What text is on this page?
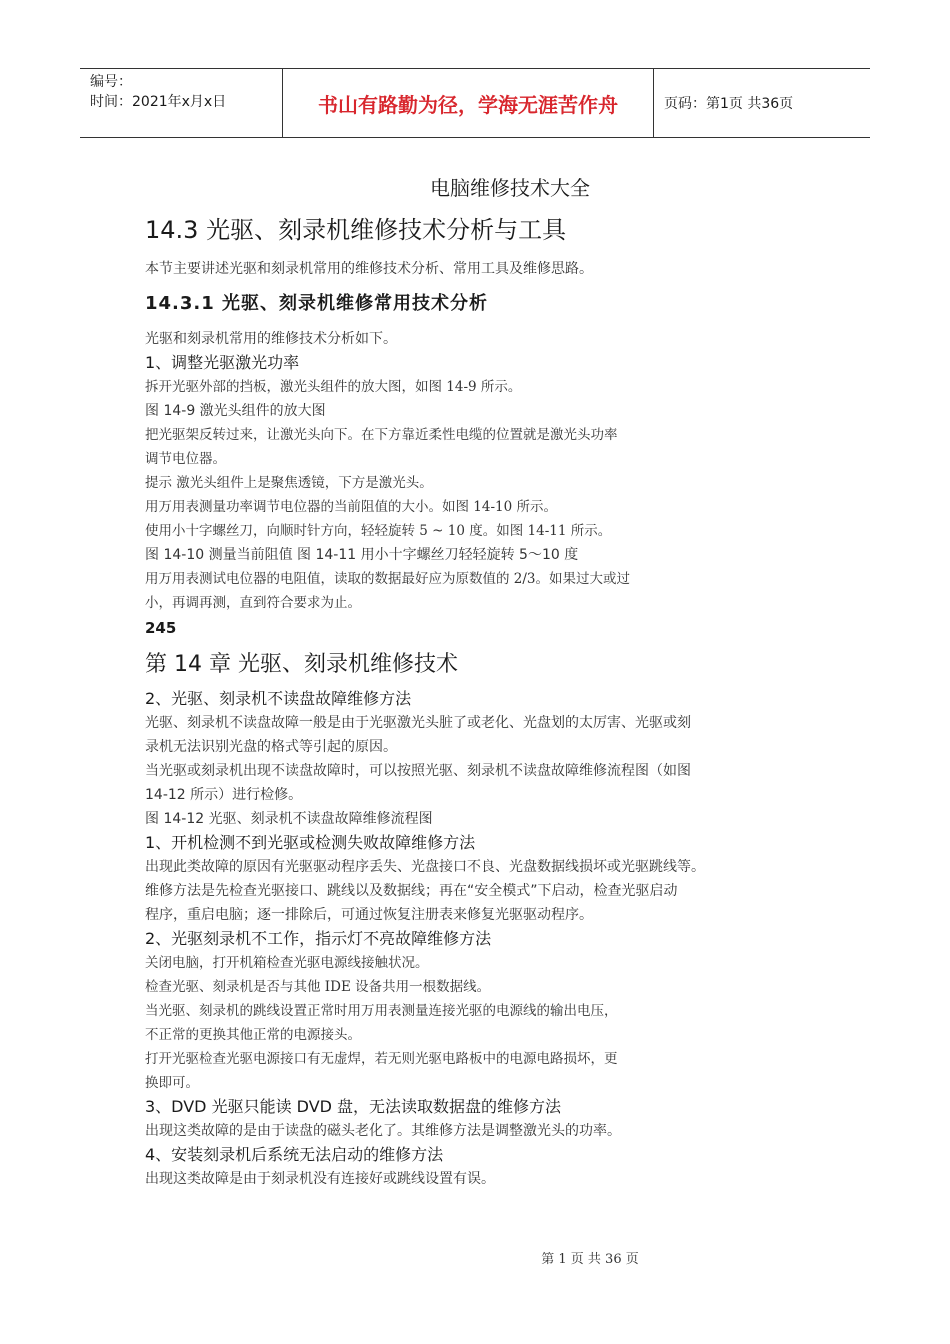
编号：
时间：2021年x月x日	书山有路勤为径，学海无涯苦作舟	页码：第1页 共36页
电脑维修技术大全
14.3 光驱、刻录机维修技术分析与工具

本节主要讲述光驱和刻录机常用的维修技术分析、常用工具及维修思路。

14.3.1 光驱、刻录机维修常用技术分析

光驱和刻录机常用的维修技术分析如下。

1、调整光驱激光功率

拆开光驱外部的挡板，激光头组件的放大图，如图 14-9 所示。

图 14-9 激光头组件的放大图

把光驱架反转过来，让激光头向下。在下方靠近柔性电缆的位置就是激光头功率

调节电位器。

提示 激光头组件上是聚焦透镜，下方是激光头。

用万用表测量功率调节电位器的当前阻值的大小。如图 14-10 所示。

使用小十字螺丝刀，向顺时针方向，轻轻旋转 5 ~ 10 度。如图 14-11 所示。

图 14-10 测量当前阻值 图 14-11 用小十字螺丝刀轻轻旋转 5～10 度

用万用表测试电位器的电阻值，读取的数据最好应为原数值的 2/3。如果过大或过

小，再调再测，直到符合要求为止。

245

第 14 章 光驱、刻录机维修技术

2、光驱、刻录机不读盘故障维修方法

光驱、刻录机不读盘故障一般是由于光驱激光头脏了或老化、光盘划的太厉害、光驱或刻

录机无法识别光盘的格式等引起的原因。

当光驱或刻录机出现不读盘故障时，可以按照光驱、刻录机不读盘故障维修流程图（如图

14-12 所示）进行检修。

图 14-12 光驱、刻录机不读盘故障维修流程图

1、开机检测不到光驱或检测失败故障维修方法

出现此类故障的原因有光驱驱动程序丢失、光盘接口不良、光盘数据线损坏或光驱跳线等。

维修方法是先检查光驱接口、跳线以及数据线；再在“安全模式”下启动，检查光驱启动

程序，重启电脑；逐一排除后，可通过恢复注册表来修复光驱驱动程序。

2、光驱刻录机不工作，指示灯不亮故障维修方法

关闭电脑，打开机箱检查光驱电源线接触状况。

检查光驱、刻录机是否与其他 IDE 设备共用一根数据线。

当光驱、刻录机的跳线设置正常时用万用表测量连接光驱的电源线的输出电压，

不正常的更换其他正常的电源接头。

打开光驱检查光驱电源接口有无虚焊，若无则光驱电路板中的电源电路损坏，更

换即可。

3、DVD 光驱只能读 DVD 盘，无法读取数据盘的维修方法

出现这类故障的是由于读盘的磁头老化了。其维修方法是调整激光头的功率。

4、安装刻录机后系统无法启动的维修方法

出现这类故障是由于刻录机没有连接好或跳线设置有误。

第 1 页 共 36 页
